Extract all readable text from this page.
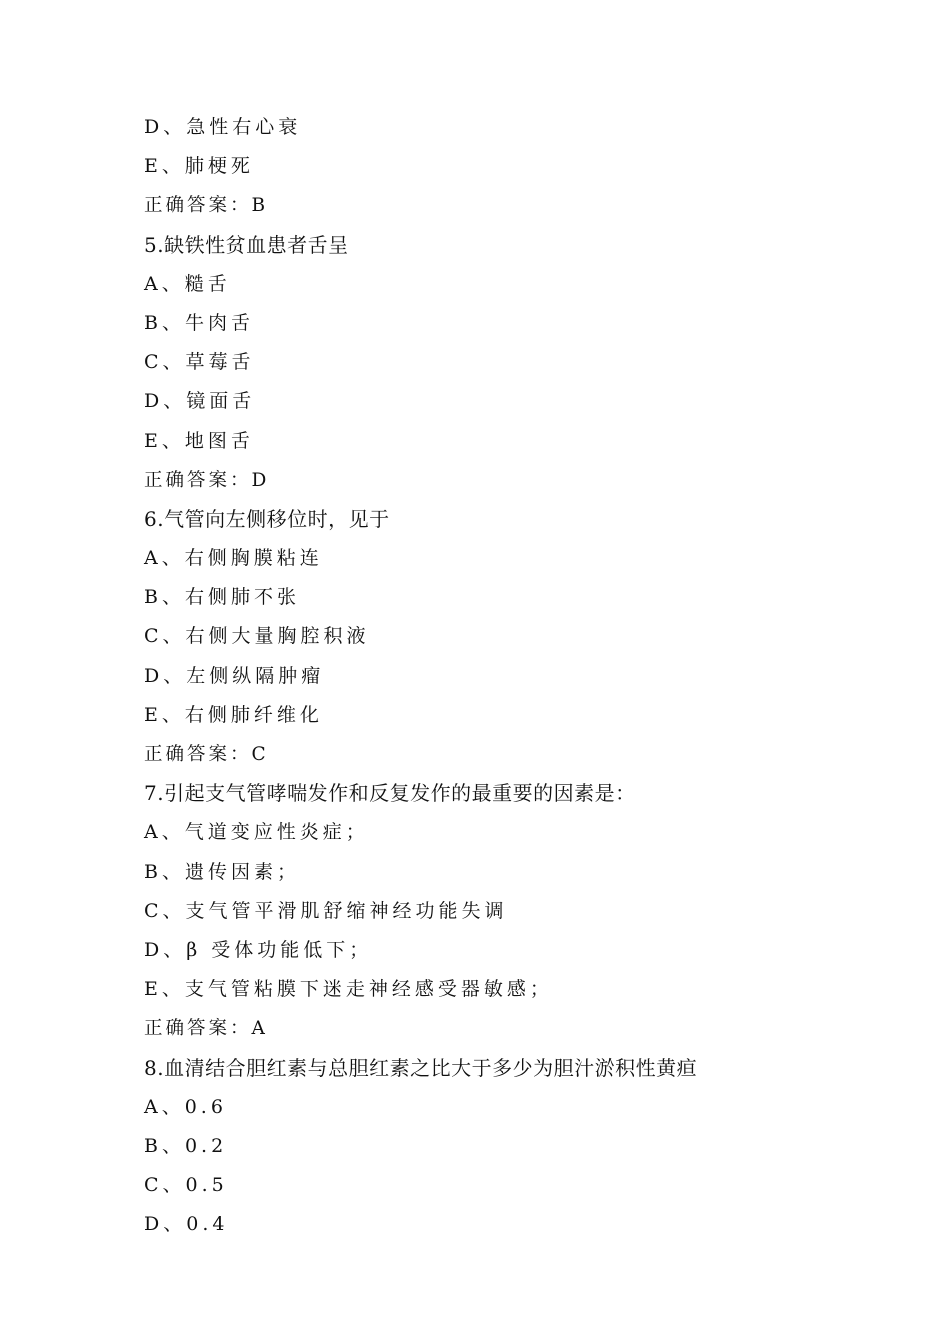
D、急性右心衰
E、肺梗死
正确答案：B
5.缺铁性贫血患者舌呈
A、糙舌
B、牛肉舌
C、草莓舌
D、镜面舌
E、地图舌
正确答案：D
6.气管向左侧移位时，见于
A、右侧胸膜粘连
B、右侧肺不张
C、右侧大量胸腔积液
D、左侧纵隔肿瘤
E、右侧肺纤维化
正确答案：C
7.引起支气管哮喘发作和反复发作的最重要的因素是：
A、气道变应性炎症；
B、遗传因素；
C、支气管平滑肌舒缩神经功能失调
D、β 受体功能低下；
E、支气管粘膜下迷走神经感受器敏感；
正确答案：A
8.血清结合胆红素与总胆红素之比大于多少为胆汁淤积性黄疸
A、0.6
B、0.2
C、0.5
D、0.4
